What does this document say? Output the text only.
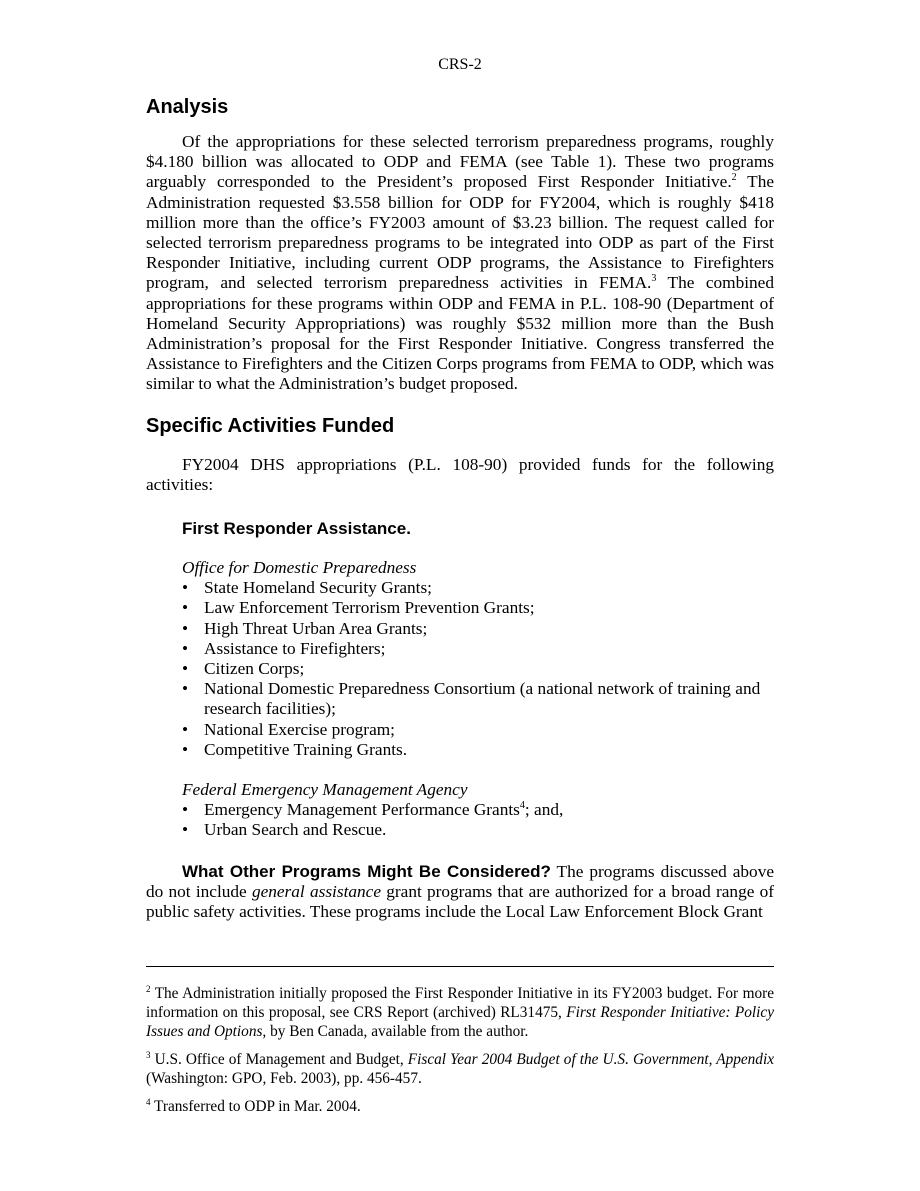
CRS-2
Analysis

Of the appropriations for these selected terrorism preparedness programs, roughly $4.180 billion was allocated to ODP and FEMA (see Table 1). These two programs arguably corresponded to the President’s proposed First Responder Initiative.$^2$ The Administration requested $3.558 billion for ODP for FY2004, which is roughly $418 million more than the office’s FY2003 amount of $3.23 billion. The request called for selected terrorism preparedness programs to be integrated into ODP as part of the First Responder Initiative, including current ODP programs, the Assistance to Firefighters program, and selected terrorism preparedness activities in FEMA.$^3$ The combined appropriations for these programs within ODP and FEMA in P.L. 108-90 (Department of Homeland Security Appropriations) was roughly $532 million more than the Bush Administration’s proposal for the First Responder Initiative. Congress transferred the Assistance to Firefighters and the Citizen Corps programs from FEMA to ODP, which was similar to what the Administration’s budget proposed.

Specific Activities Funded

FY2004 DHS appropriations (P.L. 108-90) provided funds for the following activities:

First Responder Assistance.
Office for Domestic Preparedness
• State Homeland Security Grants;
• Law Enforcement Terrorism Prevention Grants;
• High Threat Urban Area Grants;
• Assistance to Firefighters;
• Citizen Corps;
• National Domestic Preparedness Consortium (a national network of training and research facilities);
• National Exercise program;
• Competitive Training Grants.
Federal Emergency Management Agency
• Emergency Management Performance Grants$^4$; and,
• Urban Search and Rescue.

What Other Programs Might Be Considered? The programs discussed above do not include general assistance grant programs that are authorized for a broad range of public safety activities. These programs include the Local Law Enforcement Block Grant

$^2$ The Administration initially proposed the First Responder Initiative in its FY2003 budget. For more information on this proposal, see CRS Report (archived) RL31475, First Responder Initiative: Policy Issues and Options, by Ben Canada, available from the author.

$^3$ U.S. Office of Management and Budget, Fiscal Year 2004 Budget of the U.S. Government, Appendix (Washington: GPO, Feb. 2003), pp. 456-457.

$^4$ Transferred to ODP in Mar. 2004.
